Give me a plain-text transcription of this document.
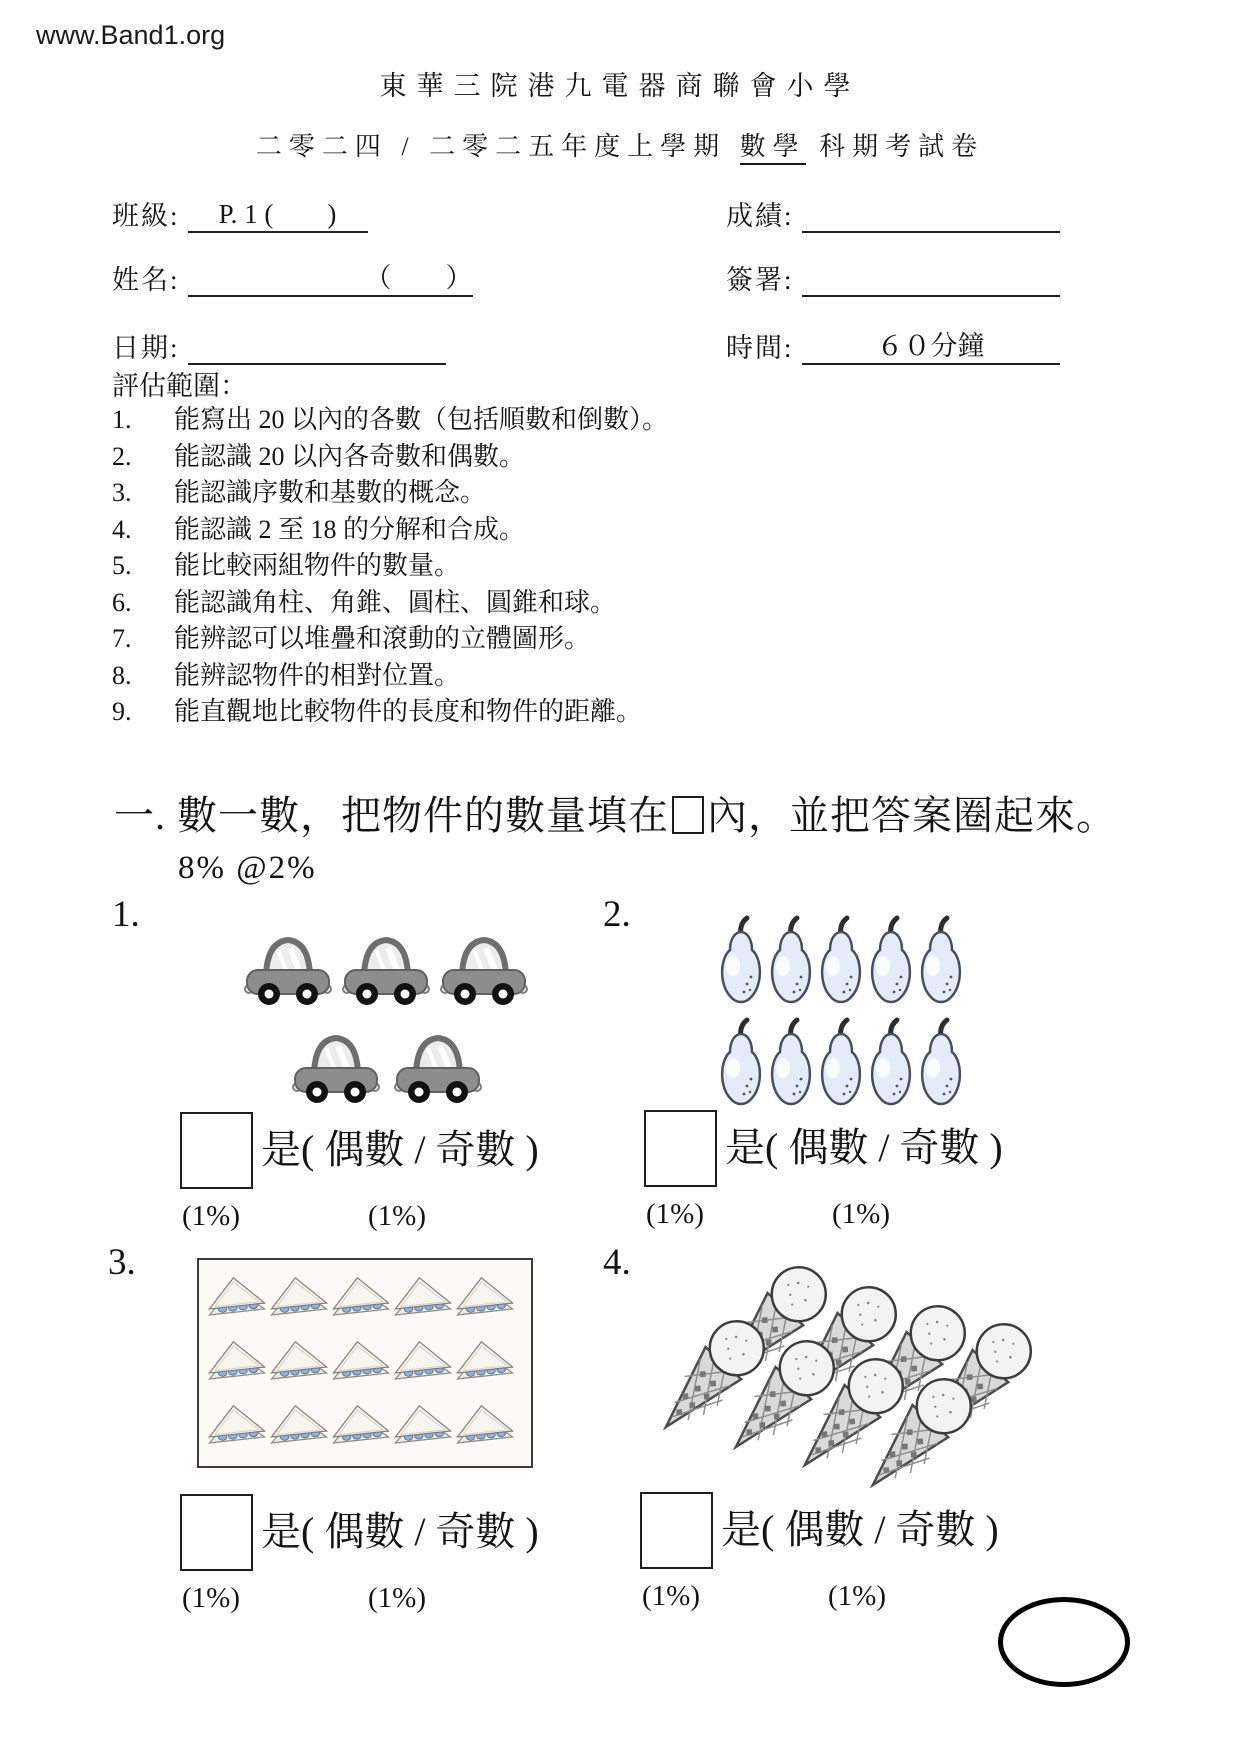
www.Band1.org
東華三院港九電器商聯會小學
二零二四 / 二零二五年度上學期 數學 科期考試卷
班級: P. 1 (　　)	成績:
姓名:	（　　）	簽署:
日期:	時間:	６０分鐘
評估範圍：
1. 能寫出 20 以內的各數（包括順數和倒數）。
2. 能認識 20 以內各奇數和偶數。
3. 能認識序數和基數的概念。
4. 能認識 2 至 18 的分解和合成。
5. 能比較兩組物件的數量。
6. 能認識角柱、角錐、圓柱、圓錐和球。
7. 能辨認可以堆疊和滾動的立體圖形。
8. 能辨認物件的相對位置。
9. 能直觀地比較物件的長度和物件的距離。
一. 數一數，把物件的數量填在 內，並把答案圈起來。
8% @2%
1.	2.
3.	4.
是( 偶數 / 奇數 )
(1%)	(1%)
是( 偶數 / 奇數 )
(1%)	(1%)
是( 偶數 / 奇數 )
(1%)	(1%)
是( 偶數 / 奇數 )
(1%)	(1%)
